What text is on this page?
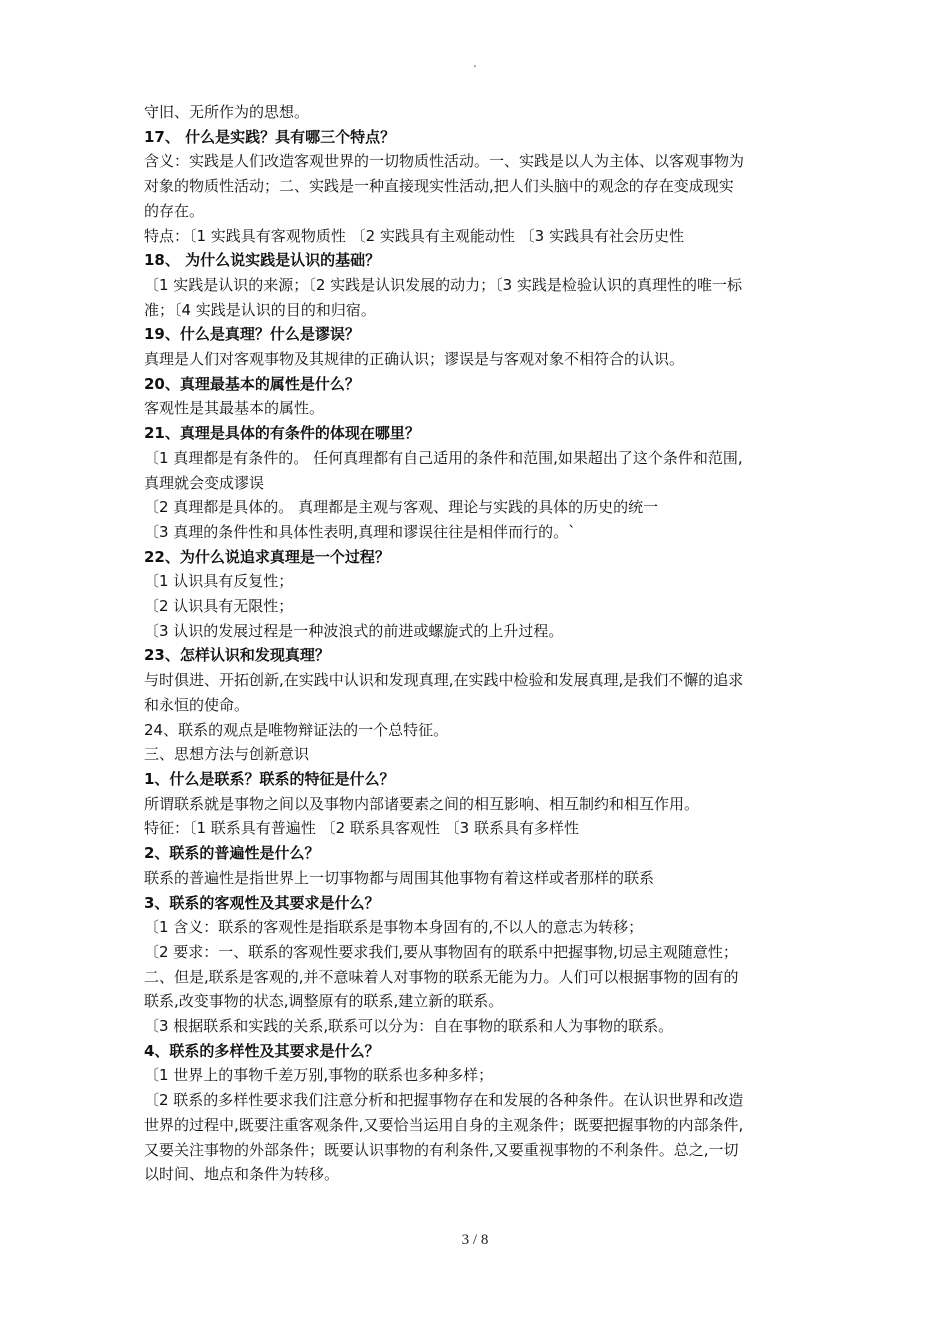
.
守旧、无所作为的思想。
17、 什么是实践？具有哪三个特点？
含义：实践是人们改造客观世界的一切物质性活动。一、实践是以人为主体、以客观事物为
对象的物质性活动；二、实践是一种直接现实性活动,把人们头脑中的观念的存在变成现实
的存在。
特点：〔1 实践具有客观物质性 〔2 实践具有主观能动性 〔3 实践具有社会历史性
18、 为什么说实践是认识的基础？
〔1 实践是认识的来源；〔2 实践是认识发展的动力；〔3 实践是检验认识的真理性的唯一标
准；〔4 实践是认识的目的和归宿。
19、什么是真理？什么是谬误？
真理是人们对客观事物及其规律的正确认识；谬误是与客观对象不相符合的认识。
20、真理最基本的属性是什么？
客观性是其最基本的属性。
21、真理是具体的有条件的体现在哪里？
〔1 真理都是有条件的。 任何真理都有自己适用的条件和范围,如果超出了这个条件和范围,
真理就会变成谬误
〔2 真理都是具体的。 真理都是主观与客观、理论与实践的具体的历史的统一
〔3 真理的条件性和具体性表明,真理和谬误往往是相伴而行的。`
22、为什么说追求真理是一个过程？
〔1 认识具有反复性；
〔2 认识具有无限性；
〔3 认识的发展过程是一种波浪式的前进或螺旋式的上升过程。
23、怎样认识和发现真理？
与时俱进、开拓创新,在实践中认识和发现真理,在实践中检验和发展真理,是我们不懈的追求
和永恒的使命。
24、联系的观点是唯物辩证法的一个总特征。
三、思想方法与创新意识
1、什么是联系？联系的特征是什么？
所谓联系就是事物之间以及事物内部诸要素之间的相互影响、相互制约和相互作用。
特征：〔1 联系具有普遍性 〔2 联系具客观性 〔3 联系具有多样性
2、联系的普遍性是什么？
联系的普遍性是指世界上一切事物都与周围其他事物有着这样或者那样的联系
3、联系的客观性及其要求是什么？
〔1 含义：联系的客观性是指联系是事物本身固有的,不以人的意志为转移；
〔2 要求：一、联系的客观性要求我们,要从事物固有的联系中把握事物,切忌主观随意性；
二、但是,联系是客观的,并不意味着人对事物的联系无能为力。人们可以根据事物的固有的
联系,改变事物的状态,调整原有的联系,建立新的联系。
〔3 根据联系和实践的关系,联系可以分为：自在事物的联系和人为事物的联系。
4、联系的多样性及其要求是什么？
〔1 世界上的事物千差万别,事物的联系也多种多样；
〔2 联系的多样性要求我们注意分析和把握事物存在和发展的各种条件。在认识世界和改造
世界的过程中,既要注重客观条件,又要恰当运用自身的主观条件；既要把握事物的内部条件,
又要关注事物的外部条件；既要认识事物的有利条件,又要重视事物的不利条件。总之,一切
以时间、地点和条件为转移。
3 / 8
